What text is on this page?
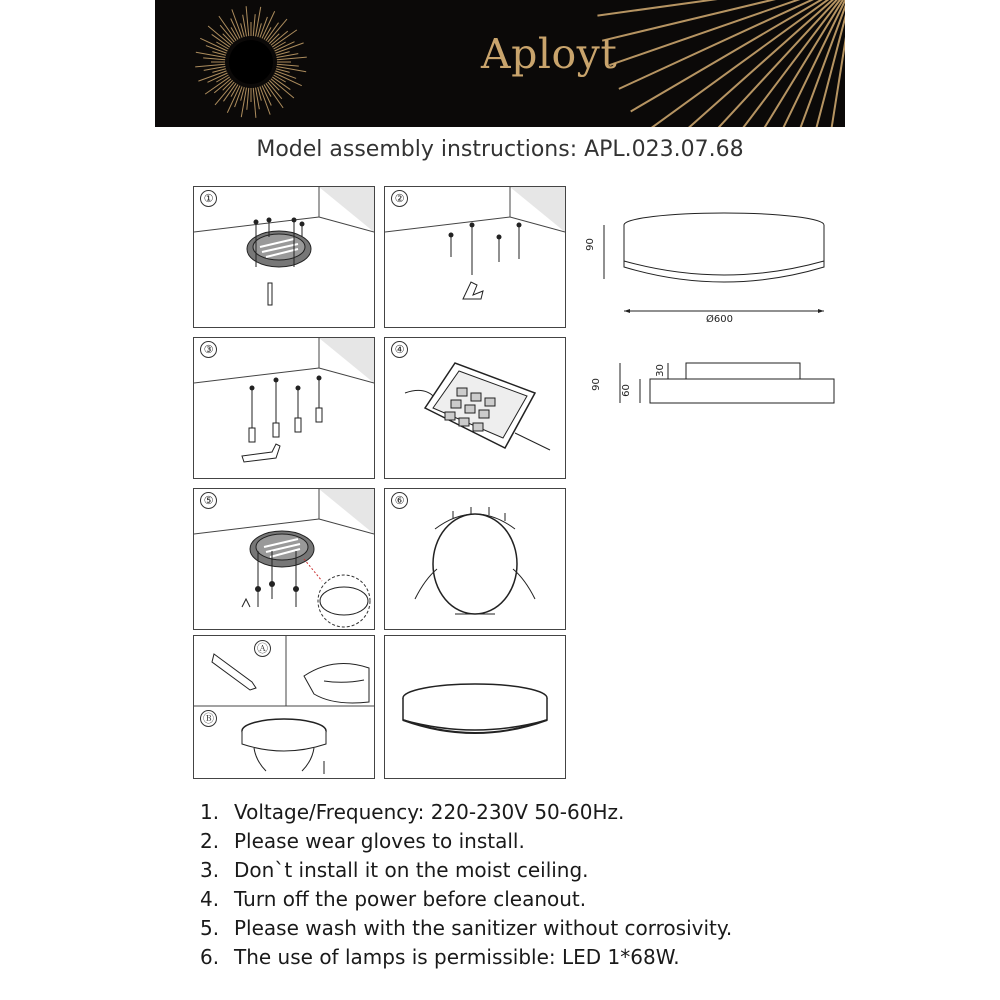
Aployt
Model assembly instructions: APL.023.07.68
①	②
③	④
⑤	⑥
Ⓐ
Ⓑ
90
Ø600
90
30
60
1. Voltage/Frequency: 220-230V 50-60Hz.
2. Please wear gloves to install.
3. Don`t install it on the moist ceiling.
4. Turn off the power before cleanout.
5. Please wash with the sanitizer without corrosivity.
6. The use of lamps is permissible: LED 1*68W.
